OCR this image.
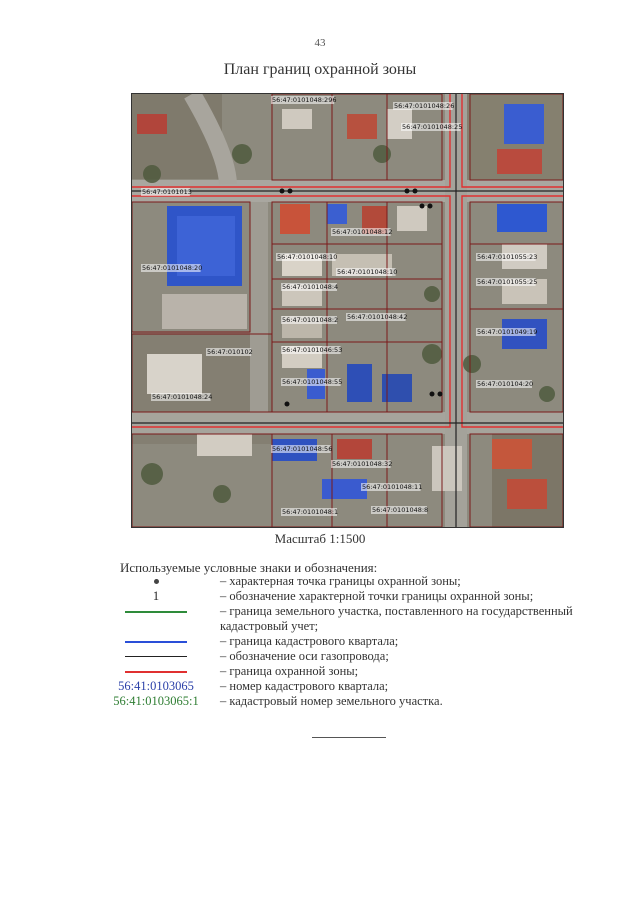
43
План границ охранной зоны
56:47:0101048:296
56:47:0101048:26
56:47:0101048:25
56:47:0101048:20
56:47:0101048:10
56:47:0101048:4
56:47:0101048:2
56:47:0101046:53
56:47:0101048:12
56:47:0101048:10
56:47:0101048:42
56:47:0101048:55
56:47:0101055:23
56:47:0101055:25
56:47:0101049:19
56:47:010104:20
56:47:0101048:56
56:47:0101048:32
56:47:0101048:11
56:47:0101048:8
56:47:0101048:1
56:47:0101048:24
56:47:0101013
56:47:010102
Масштаб 1:1500
Используемые условные знаки и обозначения:
– характерная точка границы охранной зоны;
1	– обозначение характерной точки границы охранной зоны;
– граница земельного участка, поставленного на государственный кадастровый учет;
– граница кадастрового квартала;
– обозначение оси газопровода;
– граница охранной зоны;
56:41:0103065	– номер кадастрового квартала;
56:41:0103065:1	– кадастровый номер земельного участка.
